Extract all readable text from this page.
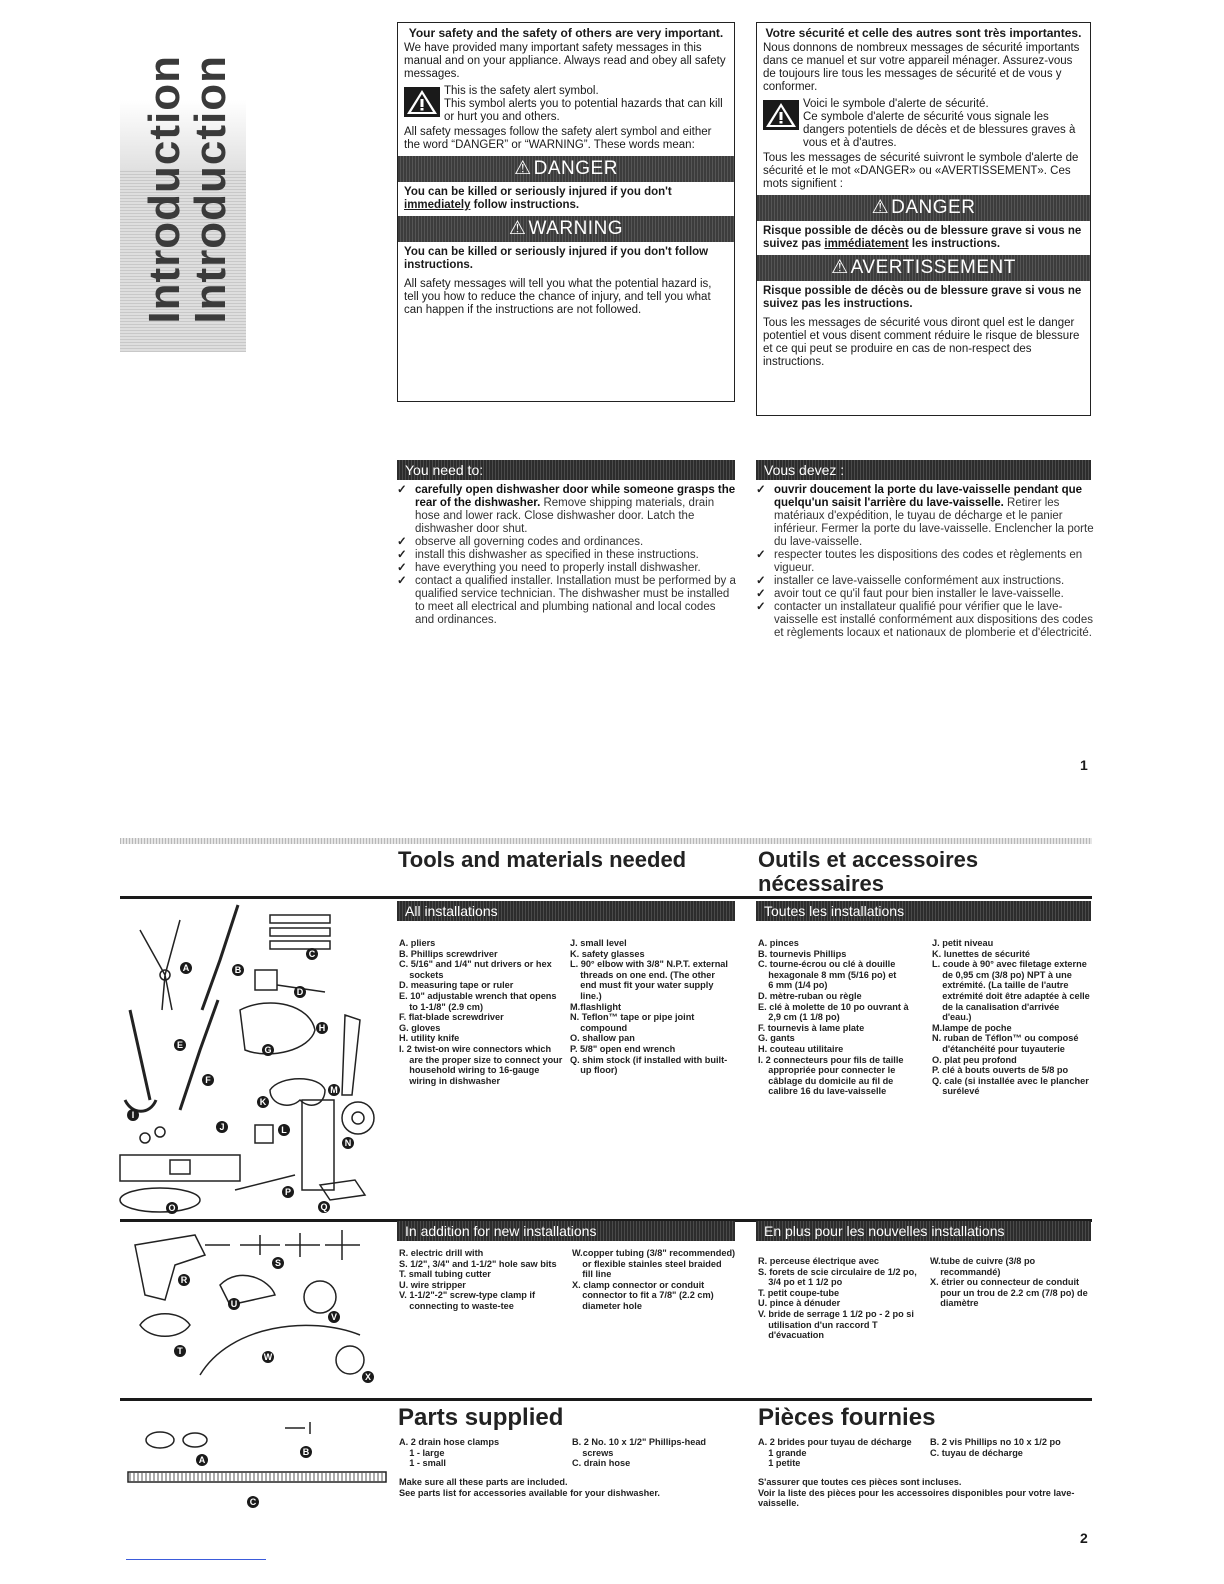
Introduction
Introduction
Your safety and the safety of others are very important.

We have provided many important safety messages in this manual and on your appliance. Always read and obey all safety messages.

This is the safety alert symbol.
This symbol alerts you to potential hazards that can kill or hurt you and others.

All safety messages follow the safety alert symbol and either the word “DANGER” or “WARNING”. These words mean:

⚠ DANGER

You can be killed or seriously injured if you don't immediately follow instructions.

⚠ WARNING

You can be killed or seriously injured if you don't follow instructions.

All safety messages will tell you what the potential hazard is, tell you how to reduce the chance of injury, and tell you what can happen if the instructions are not followed.

Votre sécurité et celle des autres sont très importantes.

Nous donnons de nombreux messages de sécurité importants dans ce manuel et sur votre appareil ménager. Assurez-vous de toujours lire tous les messages de sécurité et de vous y conformer.

Voici le symbole d'alerte de sécurité.
Ce symbole d'alerte de sécurité vous signale les dangers potentiels de décès et de blessures graves à vous et à d'autres.

Tous les messages de sécurité suivront le symbole d'alerte de sécurité et le mot «DANGER» ou «AVERTISSEMENT». Ces mots signifient :

⚠ DANGER

Risque possible de décès ou de blessure grave si vous ne suivez pas immédiatement les instructions.

⚠ AVERTISSEMENT

Risque possible de décès ou de blessure grave si vous ne suivez pas les instructions.

Tous les messages de sécurité vous diront quel est le danger potentiel et vous disent comment réduire le risque de blessure et ce qui peut se produire en cas de non-respect des instructions.

You need to:
✓ carefully open dishwasher door while someone grasps the rear of the dishwasher. Remove shipping materials, drain hose and lower rack. Close dishwasher door. Latch the dishwasher door shut.
✓ observe all governing codes and ordinances.
✓ install this dishwasher as specified in these instructions.
✓ have everything you need to properly install dishwasher.
✓ contact a qualified installer. Installation must be performed by a qualified service technician. The dishwasher must be installed to meet all electrical and plumbing national and local codes and ordinances.
Vous devez :
✓ ouvrir doucement la porte du lave-vaisselle pendant que quelqu'un saisit l'arrière du lave-vaisselle. Retirer les matériaux d'expédition, le tuyau de décharge et le panier inférieur. Fermer la porte du lave-vaisselle. Enclencher la porte du lave-vaisselle.
✓ respecter toutes les dispositions des codes et règlements en vigueur.
✓ installer ce lave-vaisselle conformément aux instructions.
✓ avoir tout ce qu'il faut pour bien installer le lave-vaisselle.
✓ contacter un installateur qualifié pour vérifier que le lave-vaisselle est installé conformément aux dispositions des codes et règlements locaux et nationaux de plomberie et d'électricité.
1
Tools and materials needed	Outils et accessoires
nécessaires
All installations	Toutes les installations
A. pliers
B. Phillips screwdriver
C. 5/16" and 1/4" nut drivers or hex
sockets
D. measuring tape or ruler
E. 10" adjustable wrench that opens
to 1-1/8" (2.9 cm)
F. flat-blade screwdriver
G. gloves
H. utility knife
I. 2 twist-on wire connectors which
are the proper size to connect your
household wiring to 16-gauge
wiring in dishwasher
J. small level
K. safety glasses
L. 90° elbow with 3/8" N.P.T. external
threads on one end. (The other
end must fit your water supply
line.)
M.flashlight
N. Teflon™ tape or pipe joint
compound
O. shallow pan
P. 5/8" open end wrench
Q. shim stock (if installed with built-
up floor)
A. pinces
B. tournevis Phillips
C. tourne-écrou ou clé à douille
hexagonale 8 mm (5/16 po) et
6 mm (1/4 po)
D. mètre-ruban ou règle
E. clé à molette de 10 po ouvrant à
2,9 cm (1 1/8 po)
F. tournevis à lame plate
G. gants
H. couteau utilitaire
I. 2 connecteurs pour fils de taille
appropriée pour connecter le
câblage du domicile au fil de
calibre 16 du lave-vaisselle
J. petit niveau
K. lunettes de sécurité
L. coude à 90° avec filetage externe
de 0,95 cm (3/8 po) NPT à une
extrémité. (La taille de l'autre
extrémité doit être adaptée à celle
de la canalisation d'arrivée
d'eau.)
M.lampe de poche
N. ruban de Téflon™ ou composé
d'étanchéité pour tuyauterie
O. plat peu profond
P. clé à bouts ouverts de 5/8 po
Q. cale (si installée avec le plancher
surélevé
A	B
C
D
E
F
G
H
I
J
K
L
M
N
O
P
Q
In addition for new installations	En plus pour les nouvelles installations
R. electric drill with
S. 1/2", 3/4" and 1-1/2" hole saw bits
T. small tubing cutter
U. wire stripper
V. 1-1/2"-2" screw-type clamp if
connecting to waste-tee
W.copper tubing (3/8" recommended)
or flexible stainles steel braided
fill line
X. clamp connector or conduit
connector to fit a 7/8" (2.2 cm)
diameter hole
R. perceuse électrique avec
S. forets de scie circulaire de 1/2 po,
3/4 po et 1 1/2 po
T. petit coupe-tube
U. pince à dénuder
V. bride de serrage 1 1/2 po - 2 po si
utilisation d'un raccord T
d'évacuation
W.tube de cuivre (3/8 po
recommandé)
X. étrier ou connecteur de conduit
pour un trou de 2.2 cm (7/8 po) de
diamètre
R
S
T
U
V
W
X
Parts supplied	Pièces fournies
A. 2 drain hose clamps
1 - large
1 - small
B. 2 No. 10 x 1/2" Phillips-head
screws
C. drain hose
A. 2 brides pour tuyau de décharge
1 grande
1 petite
B. 2 vis Phillips no 10 x 1/2 po
C. tuyau de décharge
Make sure all these parts are included.
See parts list for accessories available for your dishwasher.
S'assurer que toutes ces pièces sont incluses.
Voir la liste des pièces pour les accessoires disponibles pour votre lave-vaisselle.
A
B
C
2
